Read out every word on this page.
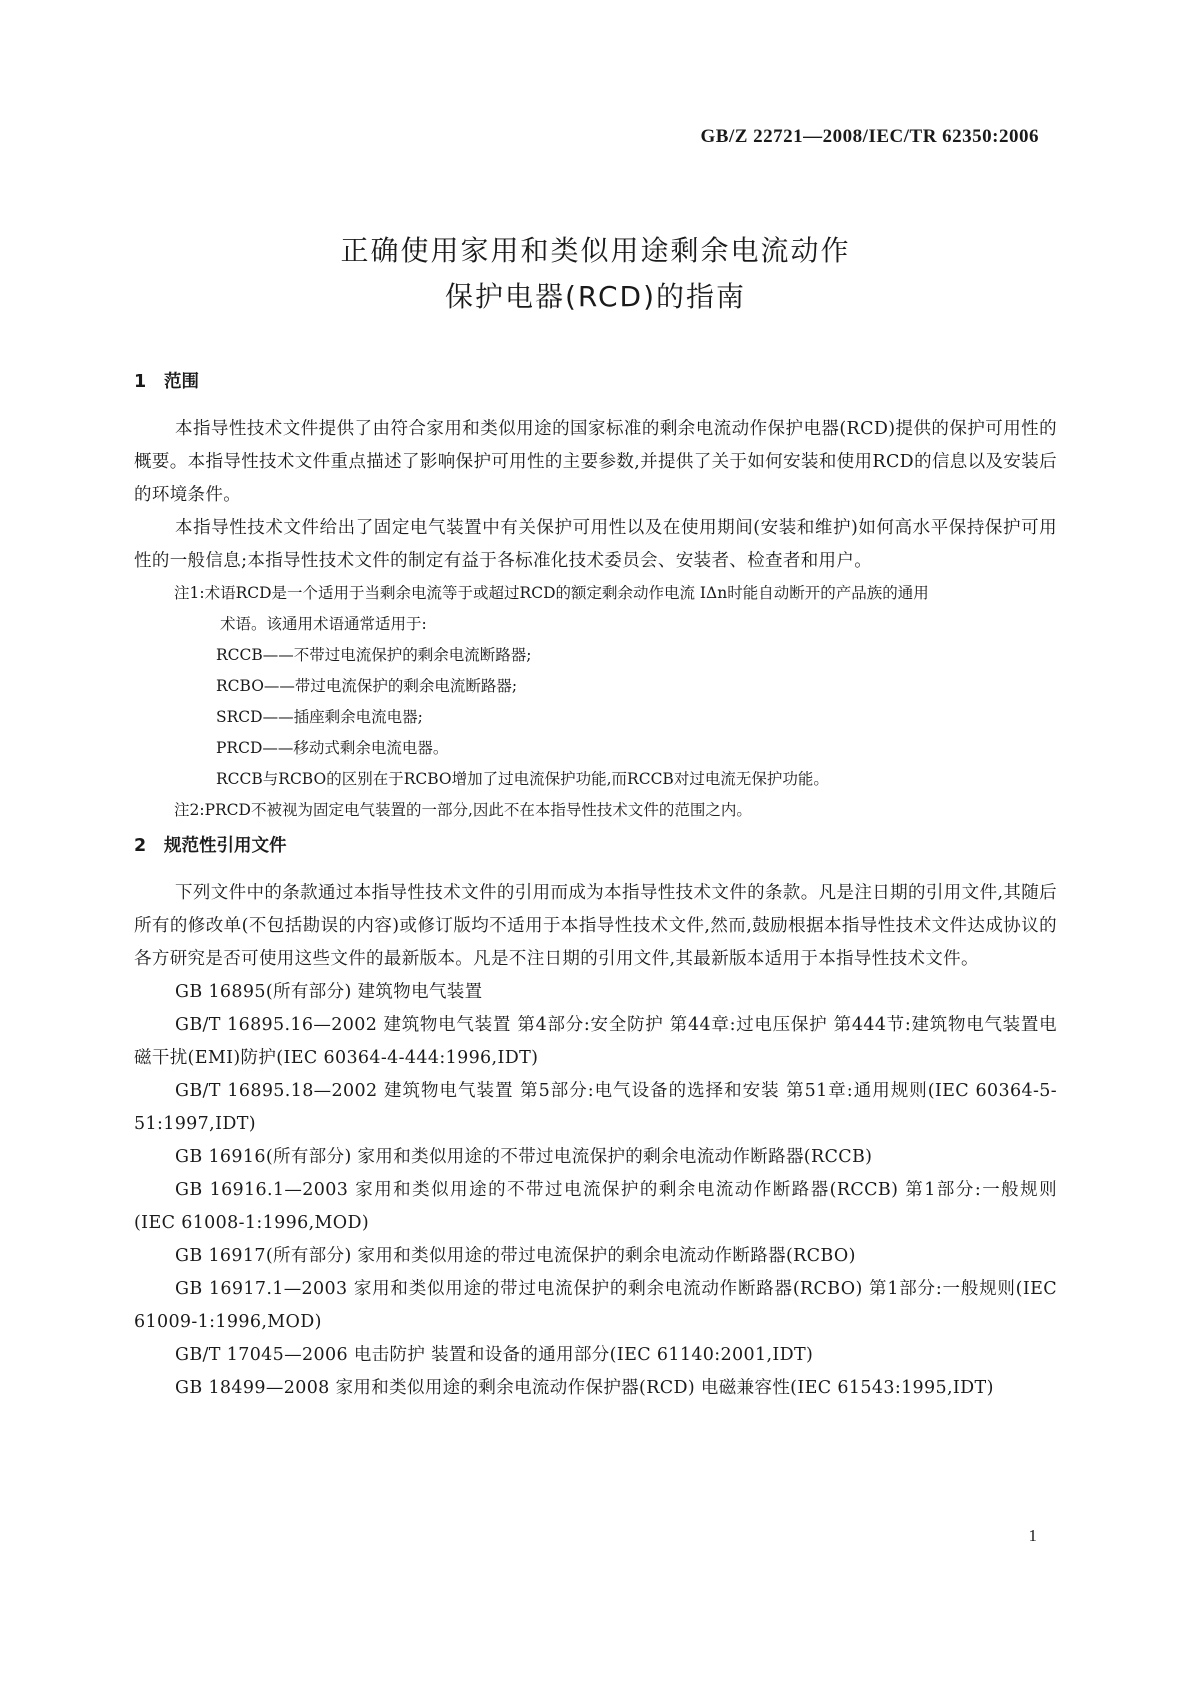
GB/Z 22721—2008/IEC/TR 62350:2006
正确使用家用和类似用途剩余电流动作
保护电器(RCD)的指南
1 范围
本指导性技术文件提供了由符合家用和类似用途的国家标准的剩余电流动作保护电器(RCD)提供的保护可用性的概要。本指导性技术文件重点描述了影响保护可用性的主要参数,并提供了关于如何安装和使用RCD的信息以及安装后的环境条件。
本指导性技术文件给出了固定电气装置中有关保护可用性以及在使用期间(安装和维护)如何高水平保持保护可用性的一般信息;本指导性技术文件的制定有益于各标准化技术委员会、安装者、检查者和用户。
注1:术语RCD是一个适用于当剩余电流等于或超过RCD的额定剩余动作电流 IΔn时能自动断开的产品族的通用
术语。该通用术语通常适用于:
RCCB——不带过电流保护的剩余电流断路器;
RCBO——带过电流保护的剩余电流断路器;
SRCD——插座剩余电流电器;
PRCD——移动式剩余电流电器。
RCCB与RCBO的区别在于RCBO增加了过电流保护功能,而RCCB对过电流无保护功能。
注2:PRCD不被视为固定电气装置的一部分,因此不在本指导性技术文件的范围之内。
2 规范性引用文件
下列文件中的条款通过本指导性技术文件的引用而成为本指导性技术文件的条款。凡是注日期的引用文件,其随后所有的修改单(不包括勘误的内容)或修订版均不适用于本指导性技术文件,然而,鼓励根据本指导性技术文件达成协议的各方研究是否可使用这些文件的最新版本。凡是不注日期的引用文件,其最新版本适用于本指导性技术文件。
GB 16895(所有部分) 建筑物电气装置
GB/T 16895.16—2002 建筑物电气装置 第4部分:安全防护 第44章:过电压保护 第444节:建筑物电气装置电磁干扰(EMI)防护(IEC 60364-4-444:1996,IDT)
GB/T 16895.18—2002 建筑物电气装置 第5部分:电气设备的选择和安装 第51章:通用规则(IEC 60364-5-51:1997,IDT)
GB 16916(所有部分) 家用和类似用途的不带过电流保护的剩余电流动作断路器(RCCB)
GB 16916.1—2003 家用和类似用途的不带过电流保护的剩余电流动作断路器(RCCB) 第1部分:一般规则(IEC 61008-1:1996,MOD)
GB 16917(所有部分) 家用和类似用途的带过电流保护的剩余电流动作断路器(RCBO)
GB 16917.1—2003 家用和类似用途的带过电流保护的剩余电流动作断路器(RCBO) 第1部分:一般规则(IEC 61009-1:1996,MOD)
GB/T 17045—2006 电击防护 装置和设备的通用部分(IEC 61140:2001,IDT)
GB 18499—2008 家用和类似用途的剩余电流动作保护器(RCD) 电磁兼容性(IEC 61543:1995,IDT)
1
